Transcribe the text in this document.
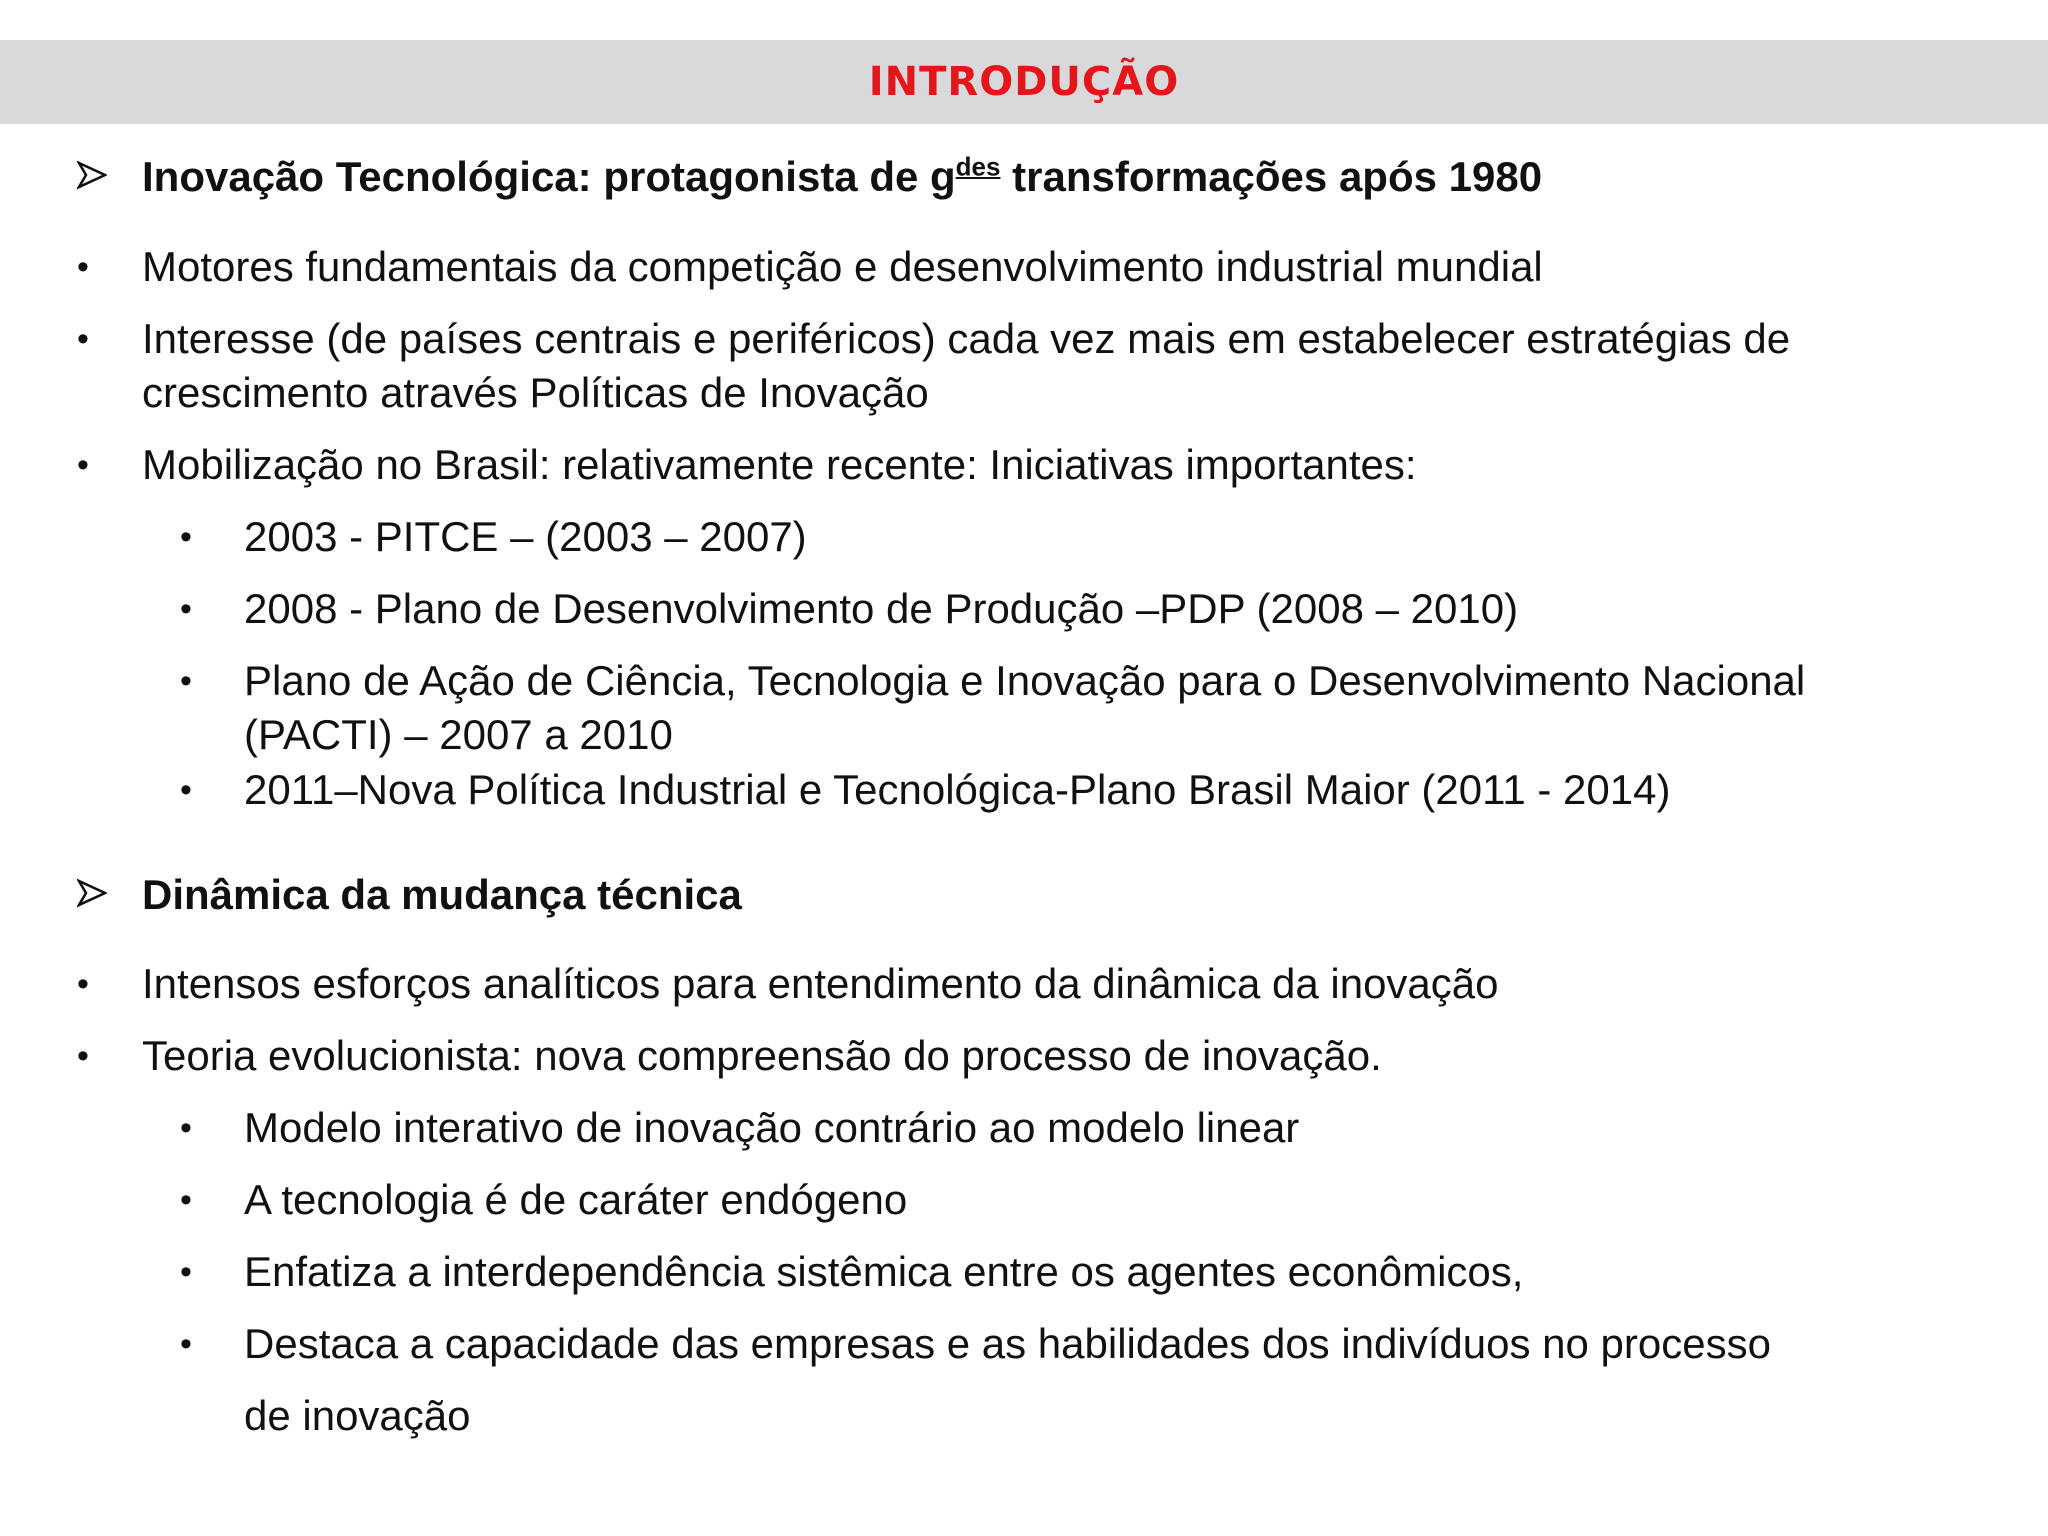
INTRODUÇÃO
Inovação Tecnológica: protagonista de $g^{des}$ transformações após 1980
• Motores fundamentais da competição e desenvolvimento industrial mundial
• Interesse (de países centrais e periféricos) cada vez mais em estabelecer estratégias de
crescimento através Políticas de Inovação
• Mobilização no Brasil: relativamente recente: Iniciativas importantes:
• 2003 - PITCE – (2003 – 2007)
• 2008 - Plano de Desenvolvimento de Produção –PDP (2008 – 2010)
• Plano de Ação de Ciência, Tecnologia e Inovação para o Desenvolvimento Nacional
(PACTI) – 2007 a 2010
• 2011–Nova Política Industrial e Tecnológica-Plano Brasil Maior (2011 - 2014)
Dinâmica da mudança técnica
• Intensos esforços analíticos para entendimento da dinâmica da inovação
• Teoria evolucionista: nova compreensão do processo de inovação.
• Modelo interativo de inovação contrário ao modelo linear
• A tecnologia é de caráter endógeno
• Enfatiza a interdependência sistêmica entre os agentes econômicos,
• Destaca a capacidade das empresas e as habilidades dos indivíduos no processo
de inovação
